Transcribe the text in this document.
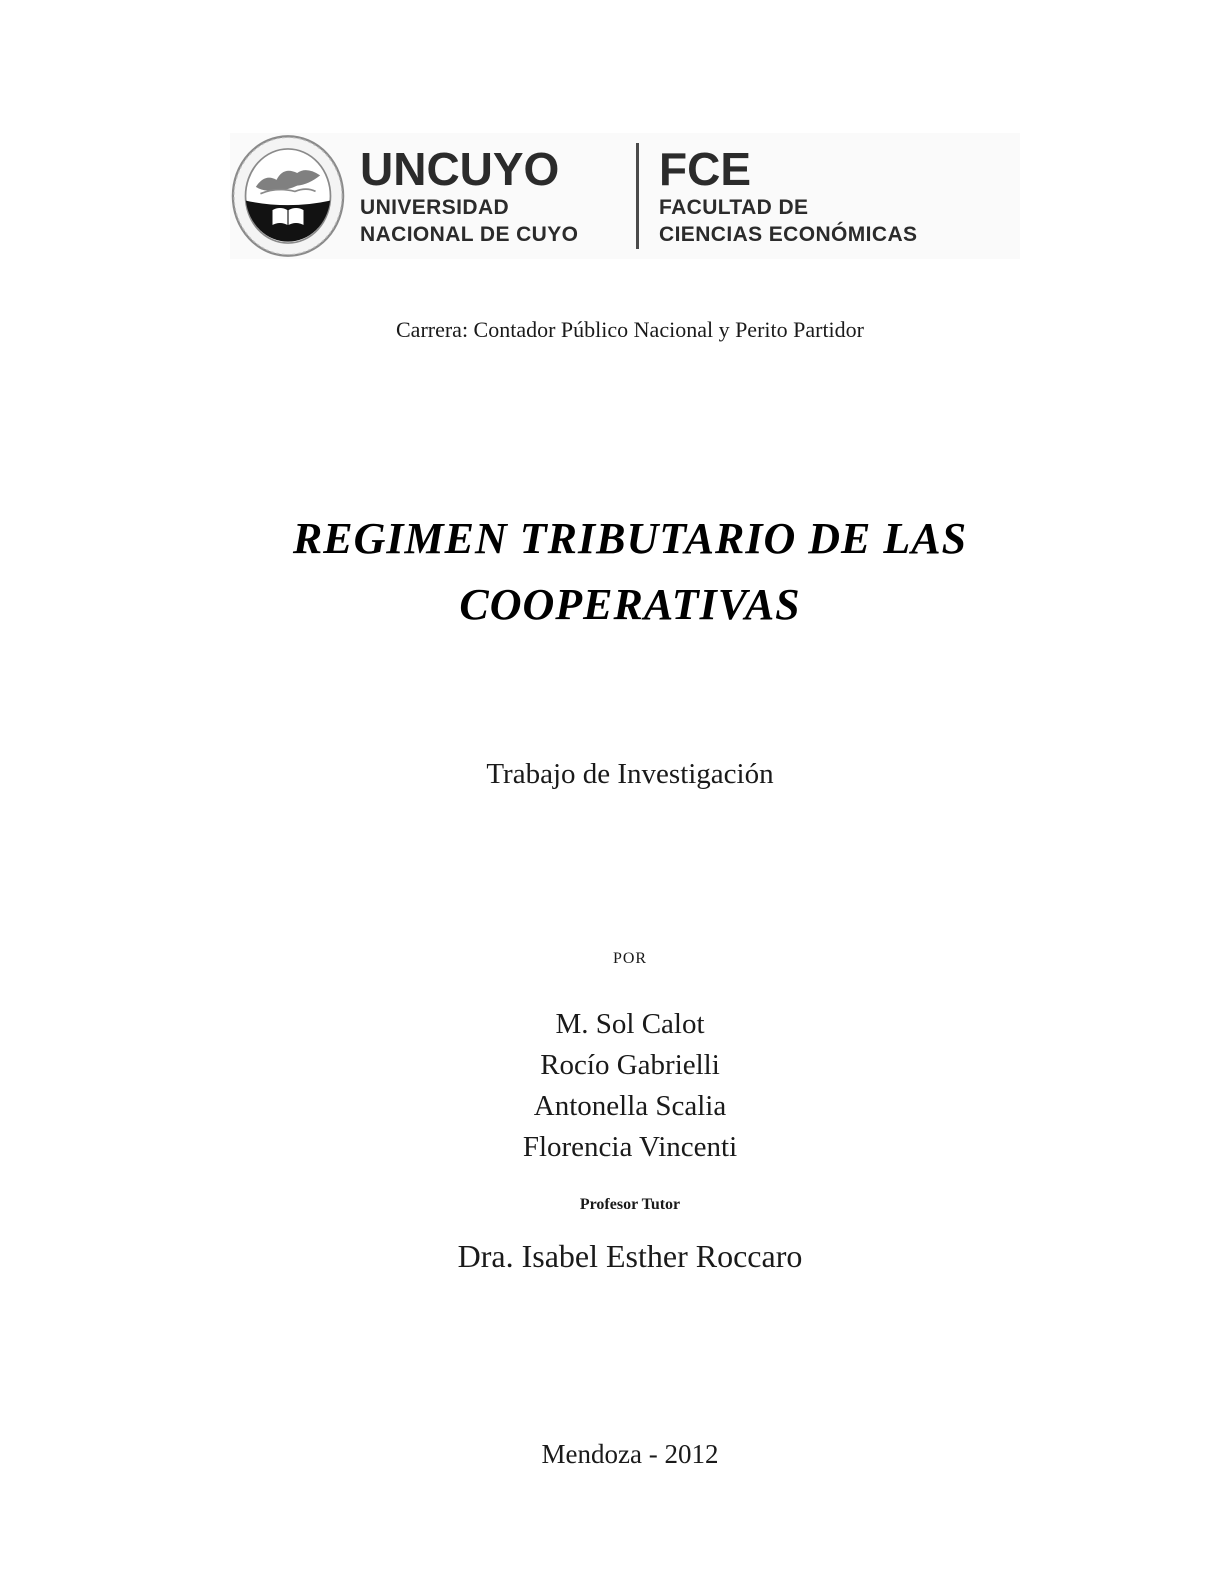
UNCUYO
UNIVERSIDAD
NACIONAL DE CUYO
FCE
FACULTAD DE
CIENCIAS ECONÓMICAS
Carrera: Contador Público Nacional y Perito Partidor
REGIMEN TRIBUTARIO DE LAS
COOPERATIVAS
Trabajo de Investigación
POR
M. Sol Calot
Rocío Gabrielli
Antonella Scalia
Florencia Vincenti
Profesor Tutor
Dra. Isabel Esther Roccaro
Mendoza - 2012
